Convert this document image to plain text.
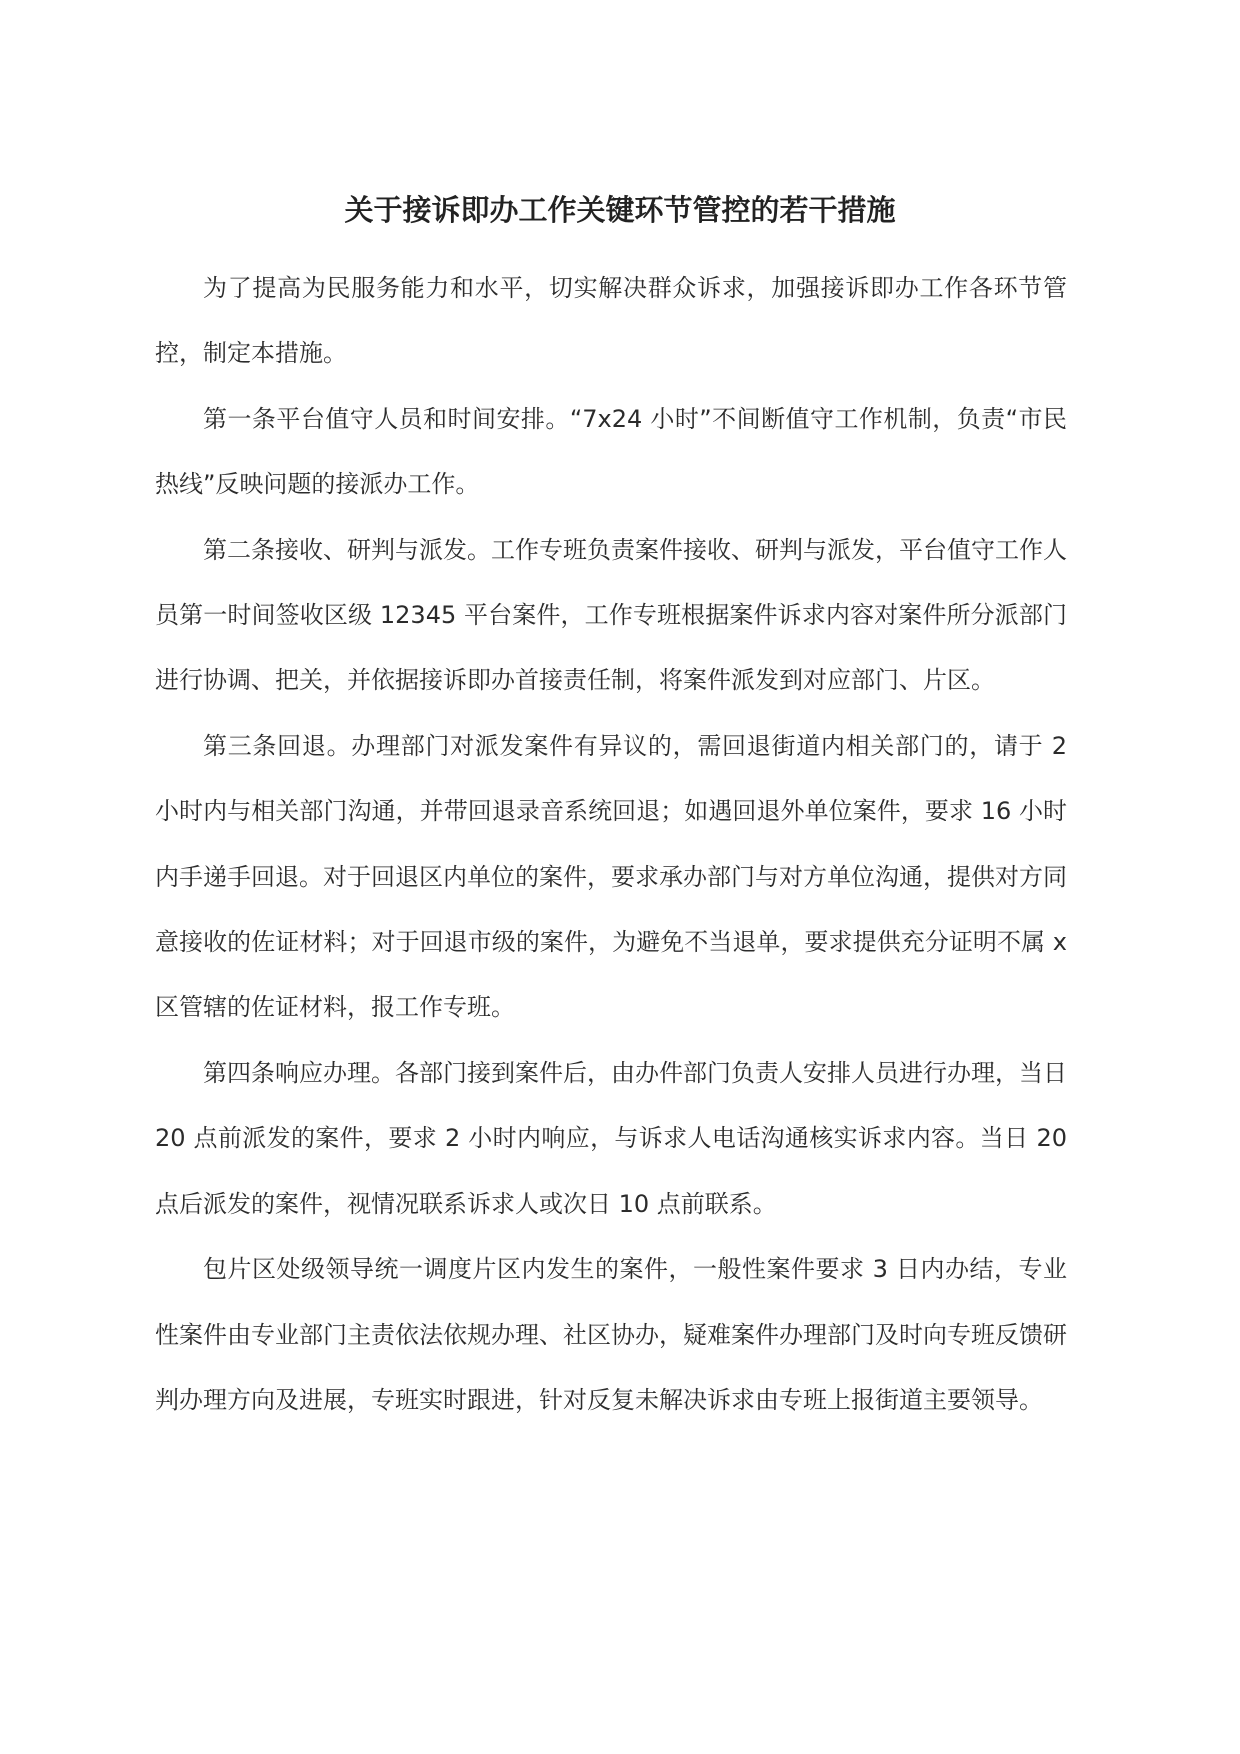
关于接诉即办工作关键环节管控的若干措施

为了提高为民服务能力和水平，切实解决群众诉求，加强接诉即办工作各环节管控，制定本措施。

第一条平台值守人员和时间安排。“7x24 小时”不间断值守工作机制，负责“市民热线”反映问题的接派办工作。

第二条接收、研判与派发。工作专班负责案件接收、研判与派发，平台值守工作人员第一时间签收区级 12345 平台案件，工作专班根据案件诉求内容对案件所分派部门进行协调、把关，并依据接诉即办首接责任制，将案件派发到对应部门、片区。

第三条回退。办理部门对派发案件有异议的，需回退街道内相关部门的，请于 2 小时内与相关部门沟通，并带回退录音系统回退；如遇回退外单位案件，要求 16 小时内手递手回退。对于回退区内单位的案件，要求承办部门与对方单位沟通，提供对方同意接收的佐证材料；对于回退市级的案件，为避免不当退单，要求提供充分证明不属 x 区管辖的佐证材料，报工作专班。

第四条响应办理。各部门接到案件后，由办件部门负责人安排人员进行办理，当日 20 点前派发的案件，要求 2 小时内响应，与诉求人电话沟通核实诉求内容。当日 20 点后派发的案件，视情况联系诉求人或次日 10 点前联系。

包片区处级领导统一调度片区内发生的案件，一般性案件要求 3 日内办结，专业性案件由专业部门主责依法依规办理、社区协办，疑难案件办理部门及时向专班反馈研判办理方向及进展，专班实时跟进，针对反复未解决诉求由专班上报街道主要领导。
